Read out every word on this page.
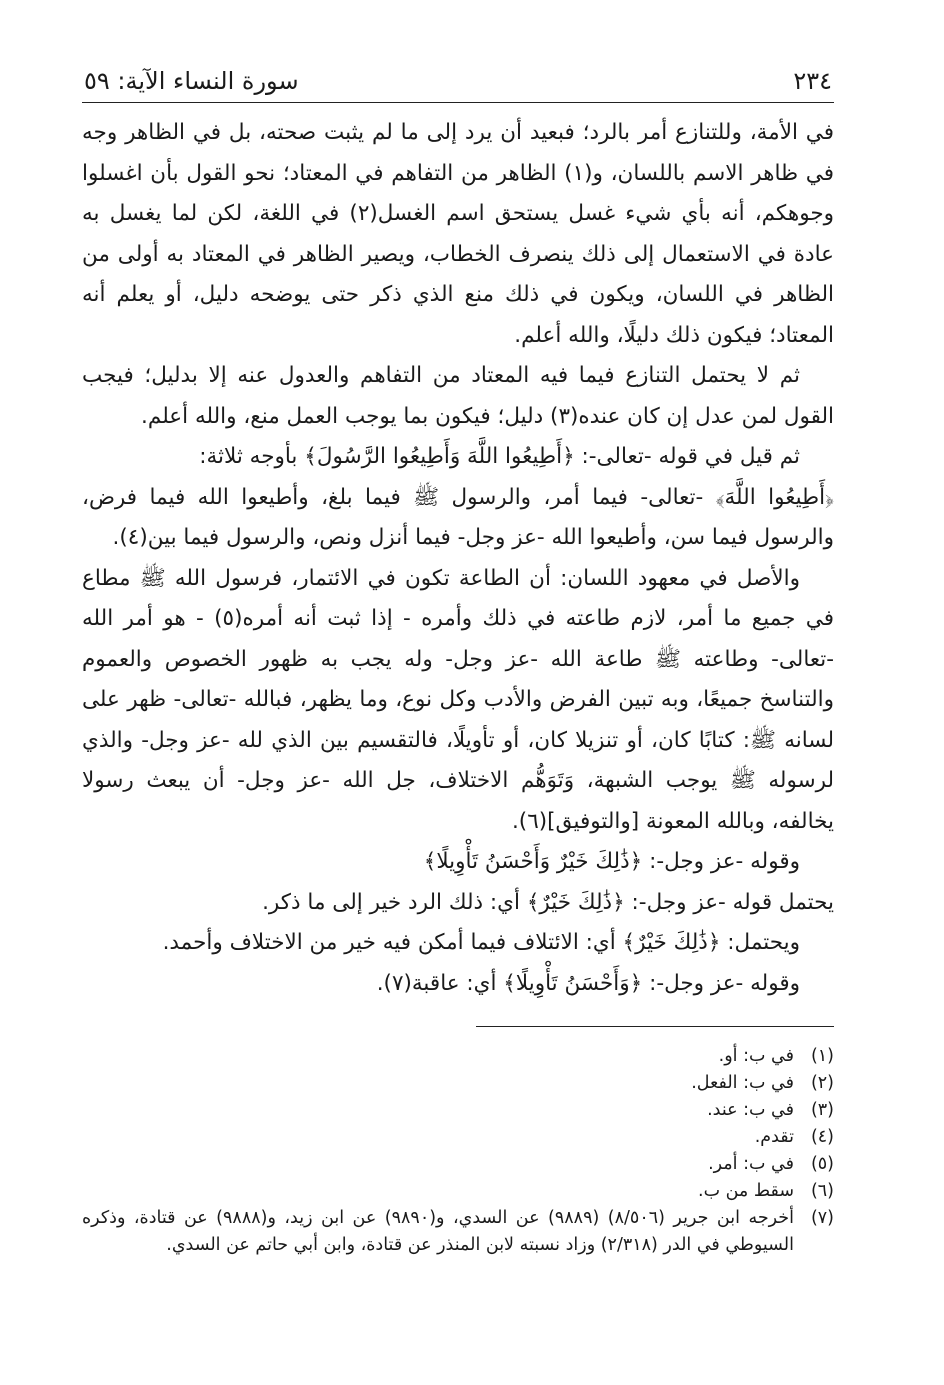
٢٣٤
سورة النساء الآية: ٥٩

في الأمة، وللتنازع أمر بالرد؛ فبعيد أن يرد إلى ما لم يثبت صحته، بل في الظاهر وجه في ظاهر الاسم باللسان، و(١) الظاهر من التفاهم في المعتاد؛ نحو القول بأن اغسلوا وجوهكم، أنه بأي شيء غسل يستحق اسم الغسل(٢) في اللغة، لكن لما يغسل به عادة في الاستعمال إلى ذلك ينصرف الخطاب، ويصير الظاهر في المعتاد به أولى من الظاهر في اللسان، ويكون في ذلك منع الذي ذكر حتى يوضحه دليل، أو يعلم أنه المعتاد؛ فيكون ذلك دليلًا، والله أعلم.

ثم لا يحتمل التنازع فيما فيه المعتاد من التفاهم والعدول عنه إلا بدليل؛ فيجب القول لمن عدل إن كان عنده(٣) دليل؛ فيكون بما يوجب العمل منع، والله أعلم.

ثم قيل في قوله -تعالى-: ﴿أَطِيعُوا اللَّهَ وَأَطِيعُوا الرَّسُولَ﴾ بأوجه ثلاثة:

﴿أَطِيعُوا اللَّهَ﴾ -تعالى- فيما أمر، والرسول ﷺ فيما بلغ، وأطيعوا الله فيما فرض، والرسول فيما سن، وأطيعوا الله -عز وجل- فيما أنزل ونص، والرسول فيما بين(٤).

والأصل في معهود اللسان: أن الطاعة تكون في الائتمار، فرسول الله ﷺ مطاع في جميع ما أمر، لازم طاعته في ذلك وأمره - إذا ثبت أنه أمره(٥) - هو أمر الله -تعالى- وطاعته ﷺ طاعة الله -عز وجل- وله يجب به ظهور الخصوص والعموم والتناسخ جميعًا، وبه تبين الفرض والأدب وكل نوع، وما يظهر، فبالله -تعالى- ظهر على لسانه ﷺ: كتابًا كان، أو تنزيلا كان، أو تأويلًا، فالتقسيم بين الذي لله -عز وجل- والذي لرسوله ﷺ يوجب الشبهة، وَتَوَهُّم الاختلاف، جل الله -عز وجل- أن يبعث رسولا يخالفه، وبالله المعونة [والتوفيق](٦).

وقوله -عز وجل-: ﴿ذَٰلِكَ خَيْرٌ وَأَحْسَنُ تَأْوِيلًا﴾

يحتمل قوله -عز وجل-: ﴿ذَٰلِكَ خَيْرٌ﴾ أي: ذلك الرد خير إلى ما ذكر.

ويحتمل: ﴿ذَٰلِكَ خَيْرٌ﴾ أي: الائتلاف فيما أمكن فيه خير من الاختلاف وأحمد.

وقوله -عز وجل-: ﴿وَأَحْسَنُ تَأْوِيلًا﴾ أي: عاقبة(٧).

(١)
في ب: أو.
(٢)
في ب: الفعل.
(٣)
في ب: عند.
(٤)
تقدم.
(٥)
في ب: أمر.
(٦)
سقط من ب.
(٧)
أخرجه ابن جرير (٨/٥٠٦) (٩٨٨٩) عن السدي، و(٩٨٩٠) عن ابن زيد، و(٩٨٨٨) عن قتادة، وذكره السيوطي في الدر (٢/٣١٨) وزاد نسبته لابن المنذر عن قتادة، وابن أبي حاتم عن السدي.
